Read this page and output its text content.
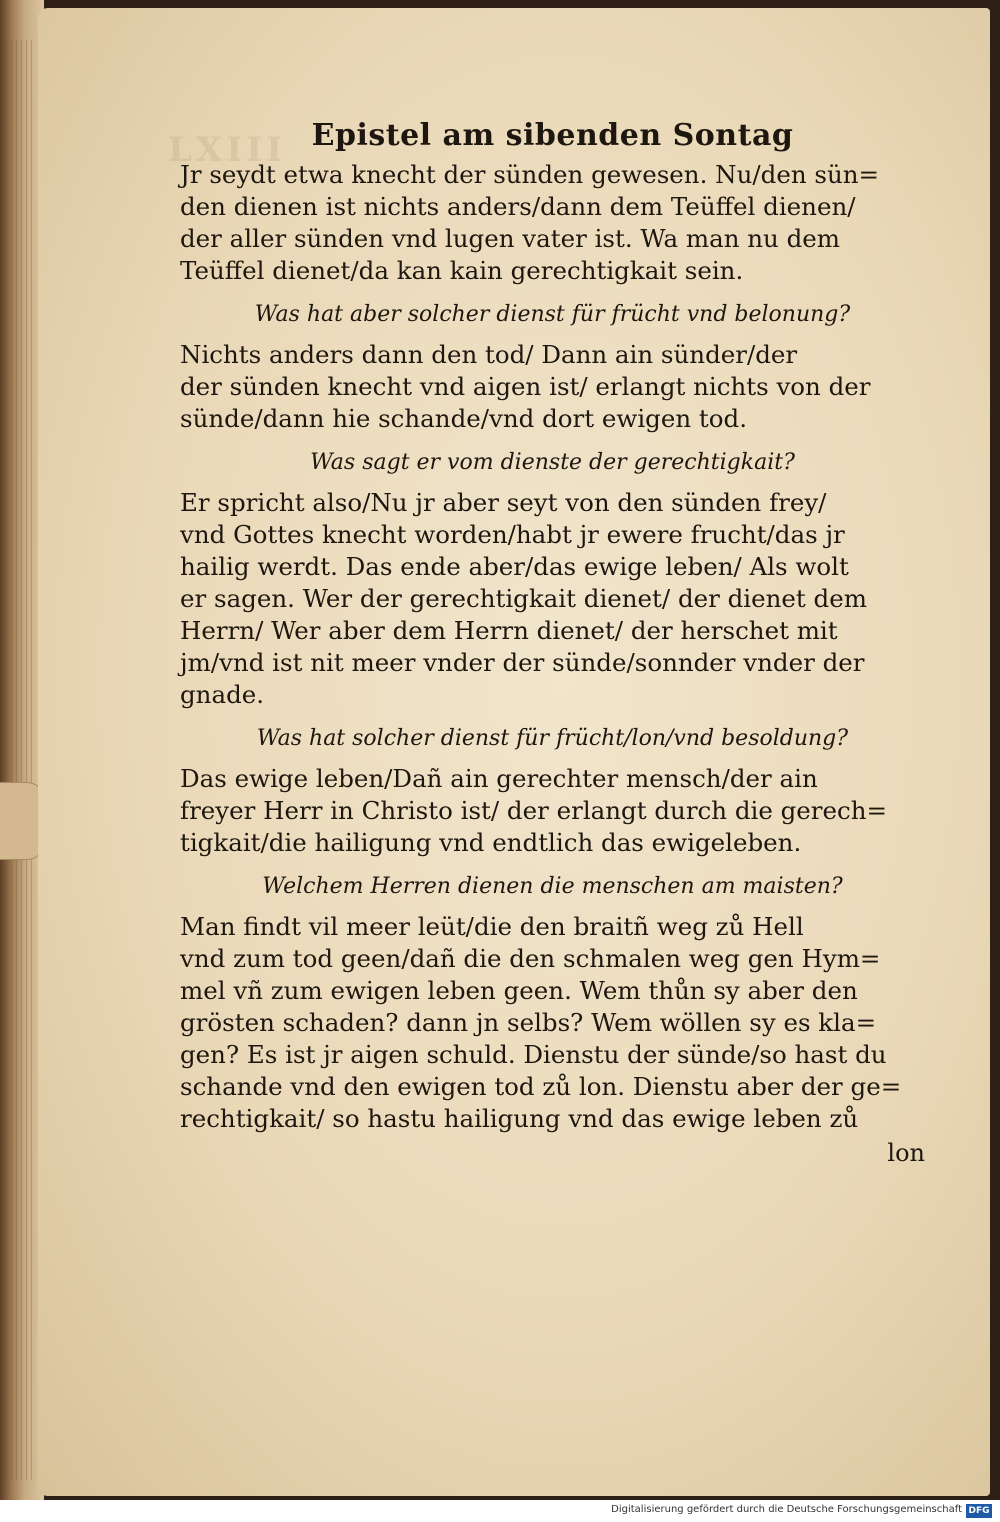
LXIII Epistel am sibenden Sontag
Jr seydt etwa knecht der sünden gewesen. Nu/den sün=
den dienen ist nichts anders/dann dem Teüffel dienen/
der aller sünden vnd lugen vater ist. Wa man nu dem
Teüffel dienet/da kan kain gerechtigkait sein.
Was hat aber solcher dienst für frücht vnd belonung?
Nichts anders dann den tod/ Dann ain sünder/der
der sünden knecht vnd aigen ist/ erlangt nichts von der
sünde/dann hie schande/vnd dort ewigen tod.
Was sagt er vom dienste der gerechtigkait?
Er spricht also/Nu jr aber seyt von den sünden frey/
vnd Gottes knecht worden/habt jr ewere frucht/das jr
hailig werdt. Das ende aber/das ewige leben/ Als wolt
er sagen. Wer der gerechtigkait dienet/ der dienet dem
Herrn/ Wer aber dem Herrn dienet/ der herschet mit
jm/vnd ist nit meer vnder der sünde/sonnder vnder der
gnade.
Was hat solcher dienst für frücht/lon/vnd besoldung?
Das ewige leben/Dañ ain gerechter mensch/der ain
freyer Herr in Christo ist/ der erlangt durch die gerech=
tigkait/die hailigung vnd endtlich das ewigeleben.
Welchem Herren dienen die menschen am maisten?
Man findt vil meer leüt/die den braitñ weg zů Hell
vnd zum tod geen/dañ die den schmalen weg gen Hym=
mel vñ zum ewigen leben geen. Wem thůn sy aber den
grösten schaden? dann jn selbs? Wem wöllen sy es kla=
gen? Es ist jr aigen schuld. Dienstu der sünde/so hast du
schande vnd den ewigen tod zů lon. Dienstu aber der ge=
rechtigkait/ so hastu hailigung vnd das ewige leben zů
lon
Digitalisierung gefördert durch die Deutsche Forschungsgemeinschaft DFG
